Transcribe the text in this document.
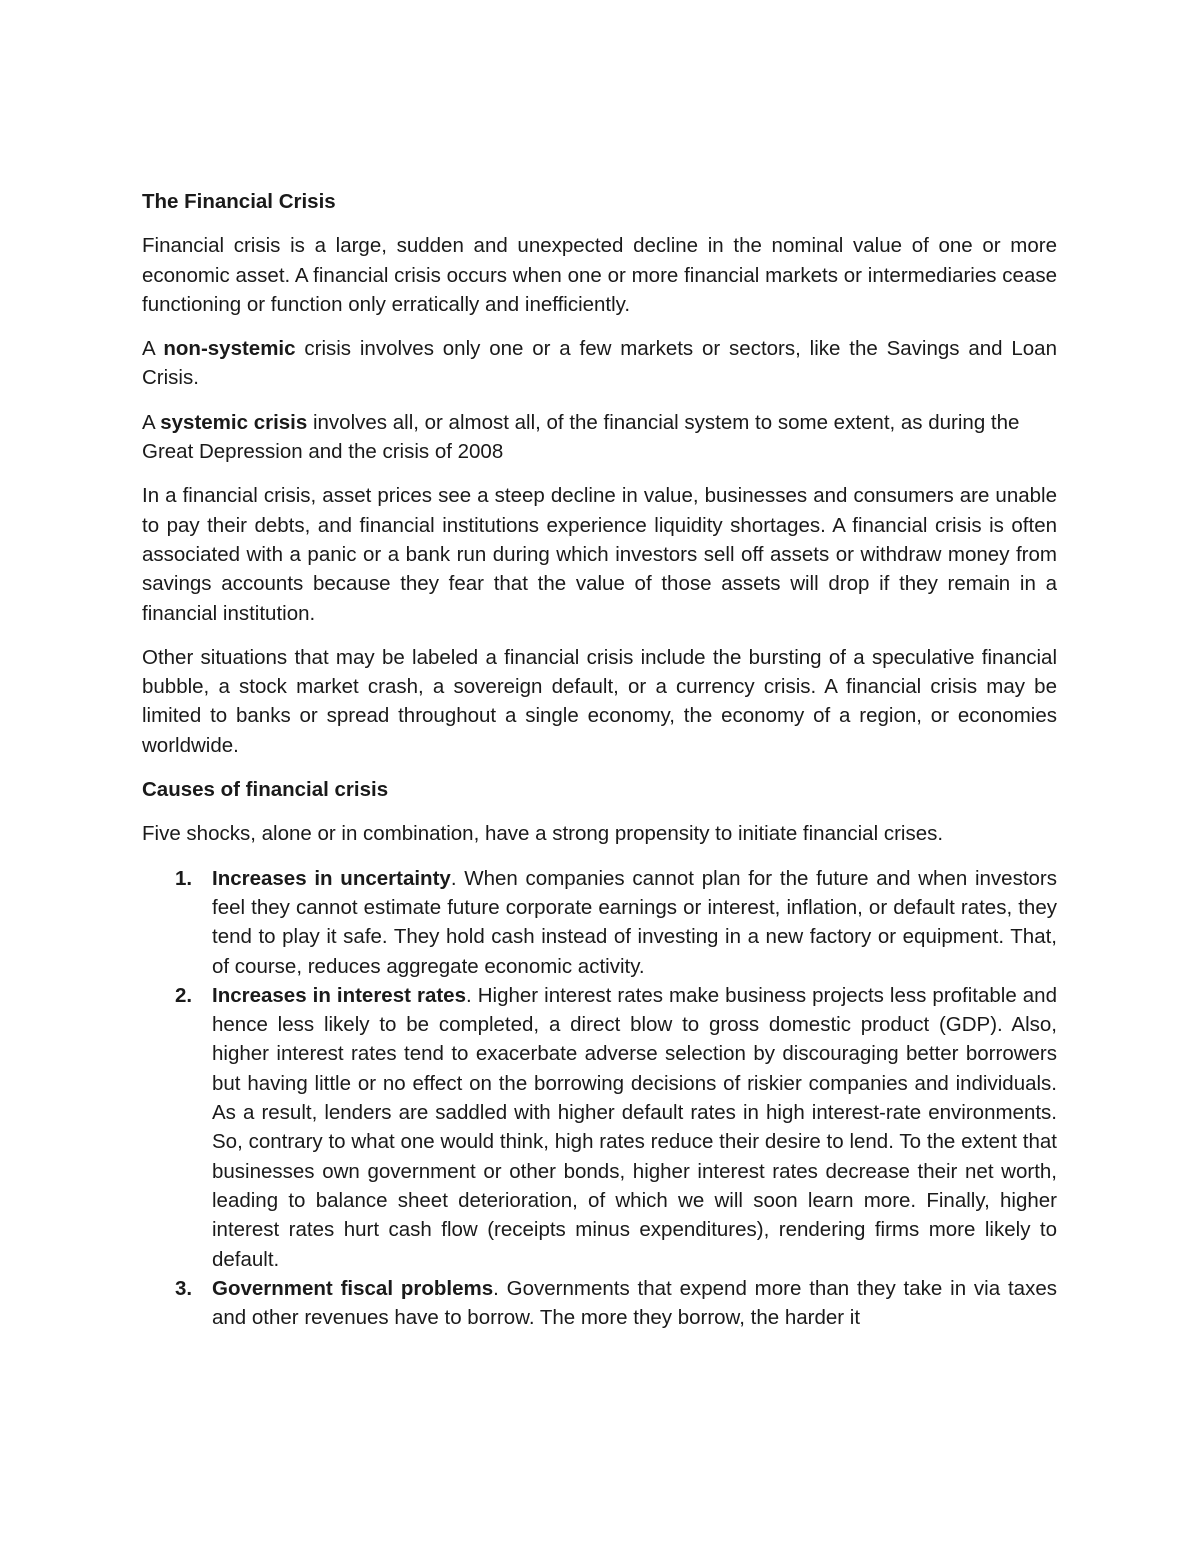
The Financial Crisis

Financial crisis is a large, sudden and unexpected decline in the nominal value of one or more economic asset. A financial crisis occurs when one or more financial markets or intermediaries cease functioning or function only erratically and inefficiently.

A non-systemic crisis involves only one or a few markets or sectors, like the Savings and Loan Crisis.

A systemic crisis involves all, or almost all, of the financial system to some extent, as during the Great Depression and the crisis of 2008

In a financial crisis, asset prices see a steep decline in value, businesses and consumers are unable to pay their debts, and financial institutions experience liquidity shortages. A financial crisis is often associated with a panic or a bank run during which investors sell off assets or withdraw money from savings accounts because they fear that the value of those assets will drop if they remain in a financial institution.

Other situations that may be labeled a financial crisis include the bursting of a speculative financial bubble, a stock market crash, a sovereign default, or a currency crisis. A financial crisis may be limited to banks or spread throughout a single economy, the economy of a region, or economies worldwide.

Causes of financial crisis

Five shocks, alone or in combination, have a strong propensity to initiate financial crises.

1. Increases in uncertainty. When companies cannot plan for the future and when investors feel they cannot estimate future corporate earnings or interest, inflation, or default rates, they tend to play it safe. They hold cash instead of investing in a new factory or equipment. That, of course, reduces aggregate economic activity.
2. Increases in interest rates. Higher interest rates make business projects less profitable and hence less likely to be completed, a direct blow to gross domestic product (GDP). Also, higher interest rates tend to exacerbate adverse selection by discouraging better borrowers but having little or no effect on the borrowing decisions of riskier companies and individuals. As a result, lenders are saddled with higher default rates in high interest-rate environments. So, contrary to what one would think, high rates reduce their desire to lend. To the extent that businesses own government or other bonds, higher interest rates decrease their net worth, leading to balance sheet deterioration, of which we will soon learn more. Finally, higher interest rates hurt cash flow (receipts minus expenditures), rendering firms more likely to default.
3. Government fiscal problems. Governments that expend more than they take in via taxes and other revenues have to borrow. The more they borrow, the harder it
